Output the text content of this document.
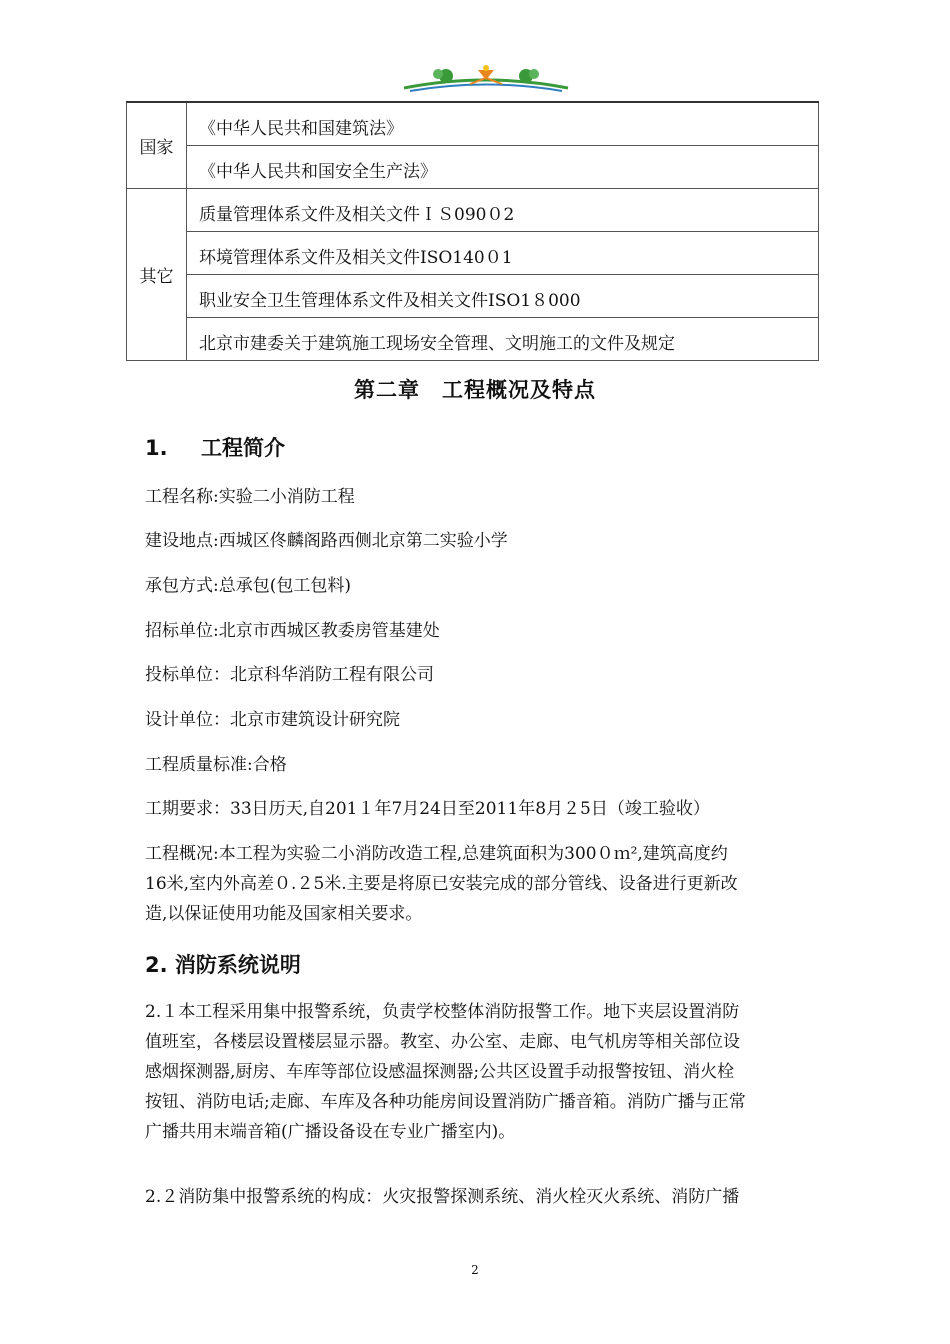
国家	《中华人民共和国建筑法》
	《中华人民共和国安全生产法》
其它	质量管理体系文件及相关文件ＩＳ090０2
	环境管理体系文件及相关文件ISO140０1
	职业安全卫生管理体系文件及相关文件ISO1８000
	北京市建委关于建筑施工现场安全管理、文明施工的文件及规定
第二章　工程概况及特点
1. 工程简介
工程名称:实验二小消防工程
建设地点:西城区佟麟阁路西侧北京第二实验小学
承包方式:总承包(包工包料)
招标单位:北京市西城区教委房管基建处
投标单位：北京科华消防工程有限公司
设计单位：北京市建筑设计研究院
工程质量标准:合格
工期要求：33日历天,自201１年7月24日至2011年8月２5日（竣工验收）
工程概况:本工程为实验二小消防改造工程,总建筑面积为300０ｍ²,建筑高度约
16米,室内外高差０.２5米.主要是将原已安装完成的部分管线、设备进行更新改
造,以保证使用功能及国家相关要求。
2. 消防系统说明
2.１本工程采用集中报警系统，负责学校整体消防报警工作。地下夹层设置消防
值班室，各楼层设置楼层显示器。教室、办公室、走廊、电气机房等相关部位设
感烟探测器,厨房、车库等部位设感温探测器;公共区设置手动报警按钮、消火栓
按钮、消防电话;走廊、车库及各种功能房间设置消防广播音箱。消防广播与正常
广播共用末端音箱(广播设备设在专业广播室内)。
2.２消防集中报警系统的构成：火灾报警探测系统、消火栓灭火系统、消防广播
2
